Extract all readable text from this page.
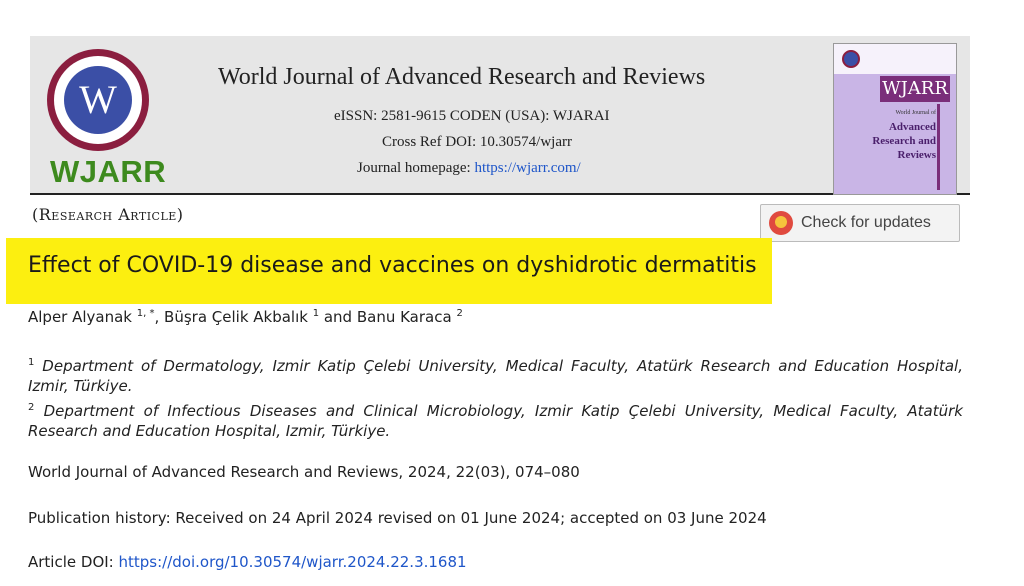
W
WJARR
World Journal of Advanced Research and Reviews
eISSN: 2581-9615 CODEN (USA): WJARAI
Cross Ref DOI: 10.30574/wjarr
Journal homepage: https://wjarr.com/
WJARR
World Journal of
Advanced
Research and
Reviews
(Research Article)	Check for updates
Effect of COVID-19 disease and vaccines on dyshidrotic dermatitis
Alper Alyanak $^{1, *}$, Büşra Çelik Akbalık $^1$ and Banu Karaca $^2$
$^1$ Department of Dermatology, Izmir Katip Çelebi University, Medical Faculty, Atatürk Research and Education Hospital, Izmir, Türkiye.
$^2$ Department of Infectious Diseases and Clinical Microbiology, Izmir Katip Çelebi University, Medical Faculty, Atatürk Research and Education Hospital, Izmir, Türkiye.
World Journal of Advanced Research and Reviews, 2024, 22(03), 074–080
Publication history: Received on 24 April 2024 revised on 01 June 2024; accepted on 03 June 2024
Article DOI: https://doi.org/10.30574/wjarr.2024.22.3.1681
